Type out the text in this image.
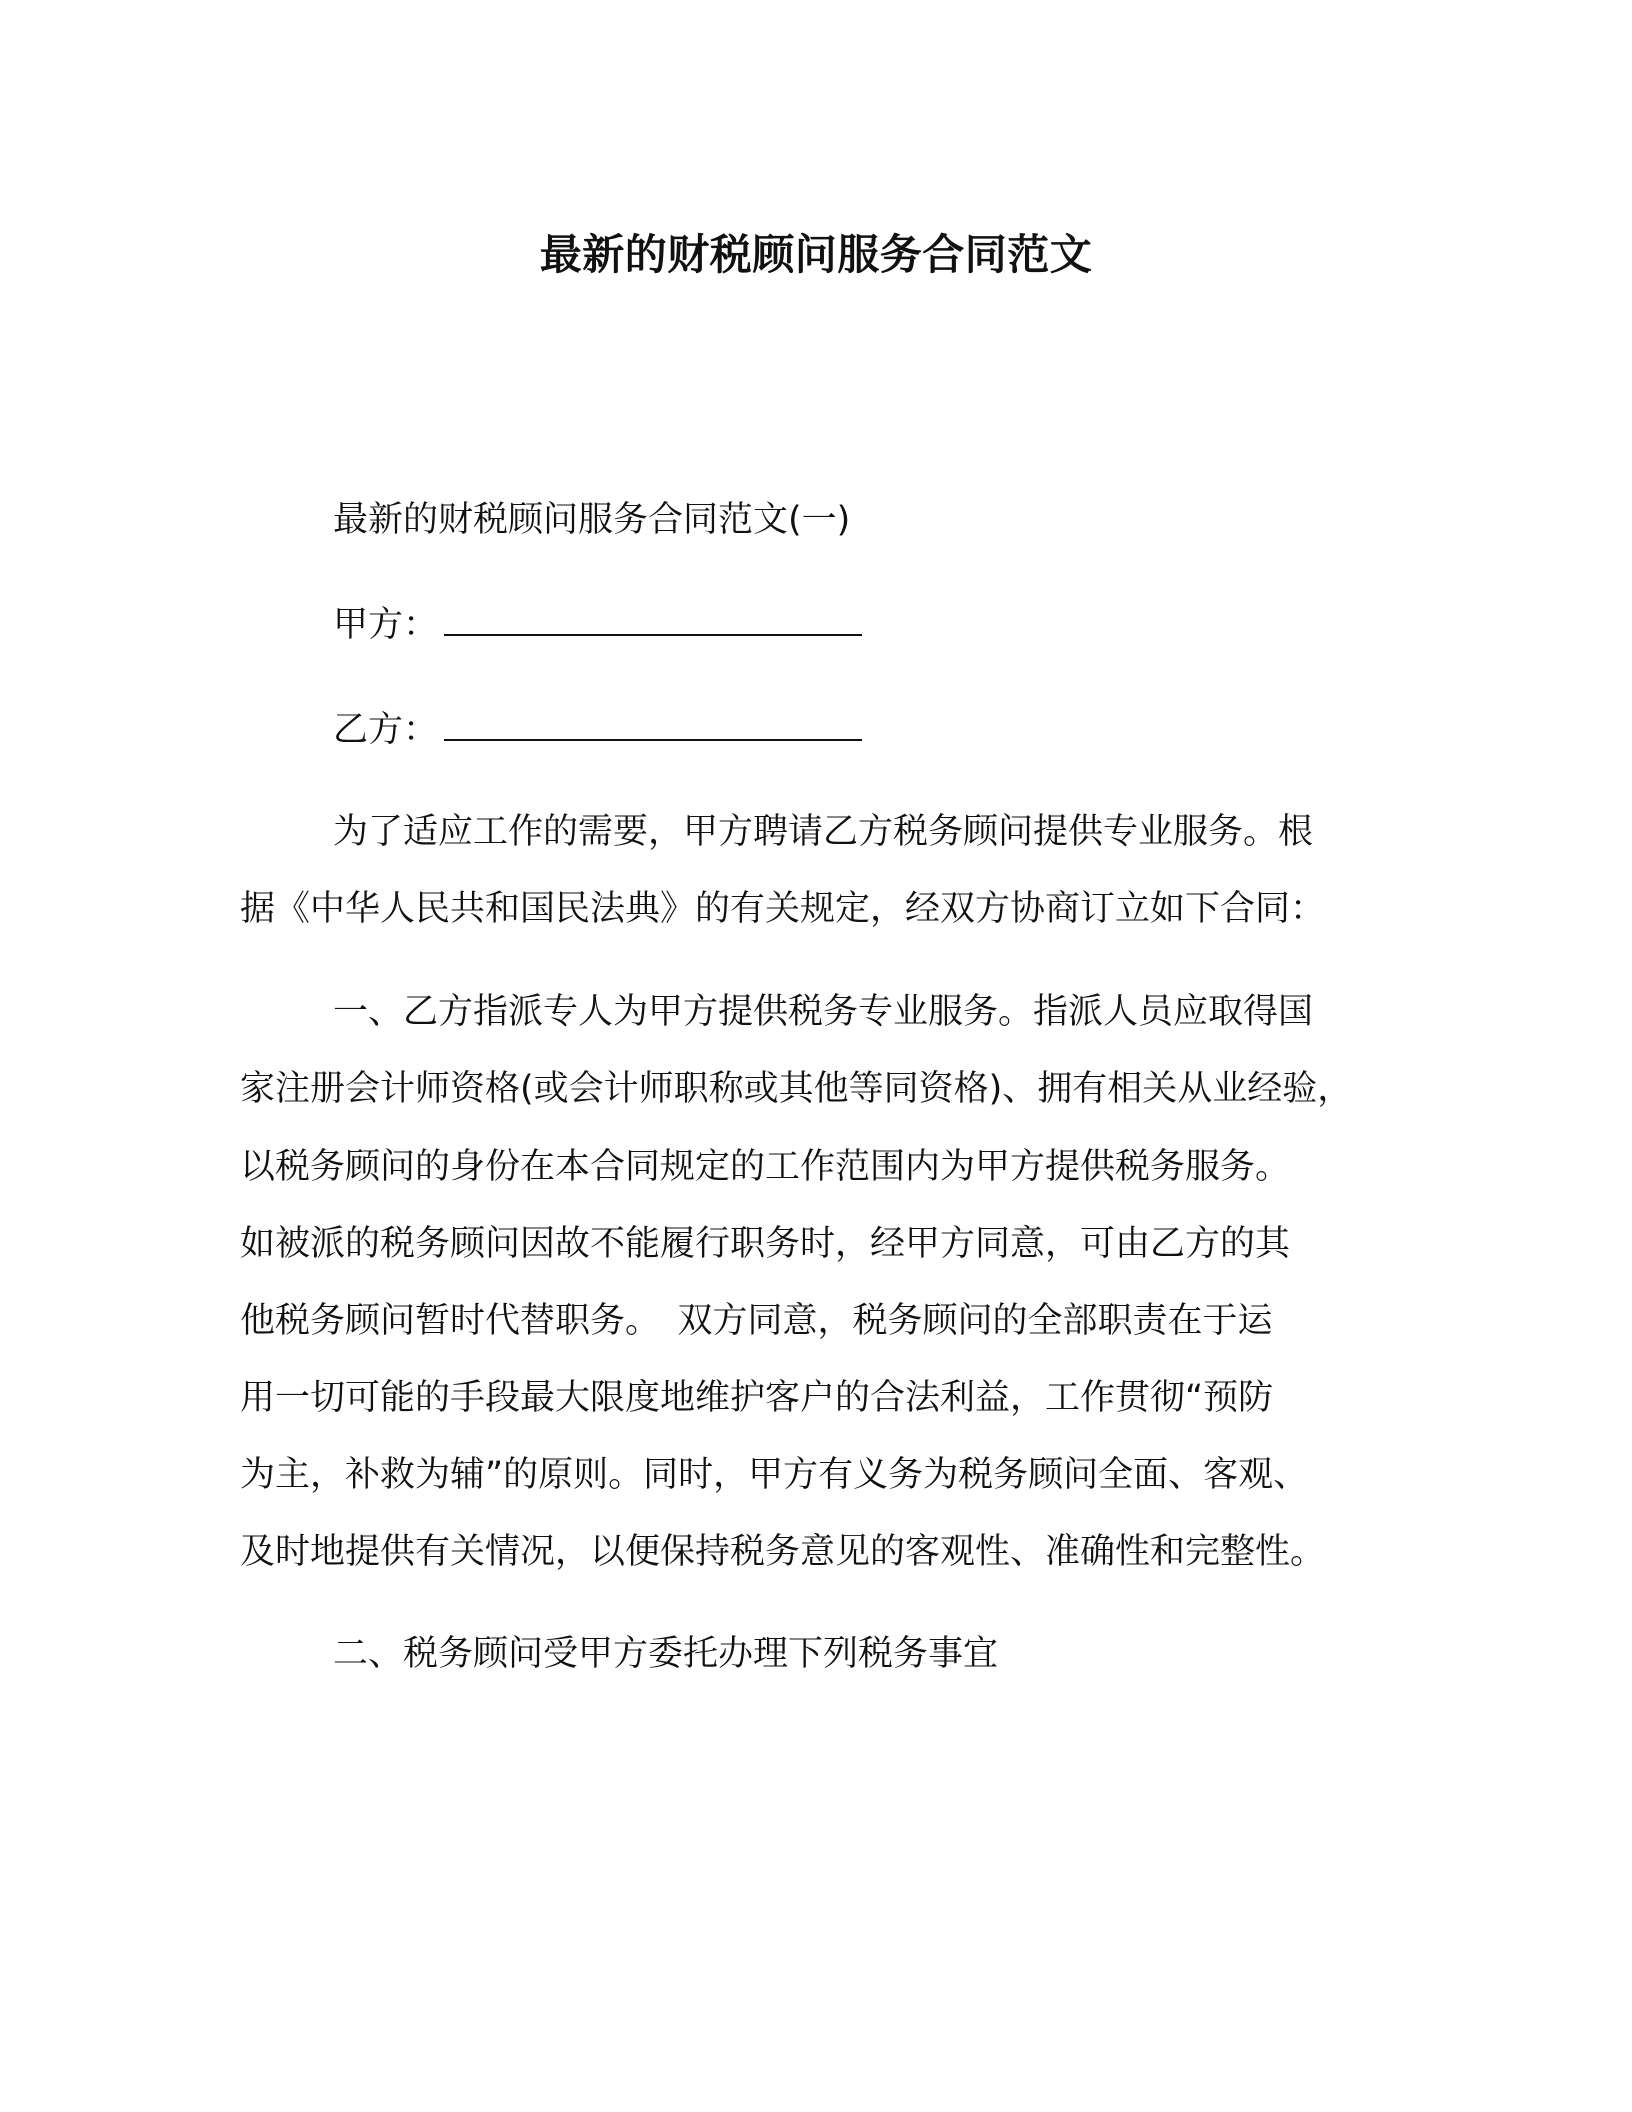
最新的财税顾问服务合同范文
最新的财税顾问服务合同范文(一)
甲方：
乙方：
为了适应工作的需要，甲方聘请乙方税务顾问提供专业服务。根
据《中华人民共和国民法典》的有关规定，经双方协商订立如下合同：
一、乙方指派专人为甲方提供税务专业服务。指派人员应取得国
家注册会计师资格(或会计师职称或其他等同资格)、拥有相关从业经验，
以税务顾问的身份在本合同规定的工作范围内为甲方提供税务服务。
如被派的税务顾问因故不能履行职务时，经甲方同意，可由乙方的其
他税务顾问暂时代替职务。　双方同意，税务顾问的全部职责在于运
用一切可能的手段最大限度地维护客户的合法利益，工作贯彻“预防
为主，补救为辅”的原则。同时，甲方有义务为税务顾问全面、客观、
及时地提供有关情况，以便保持税务意见的客观性、准确性和完整性。
二、税务顾问受甲方委托办理下列税务事宜
